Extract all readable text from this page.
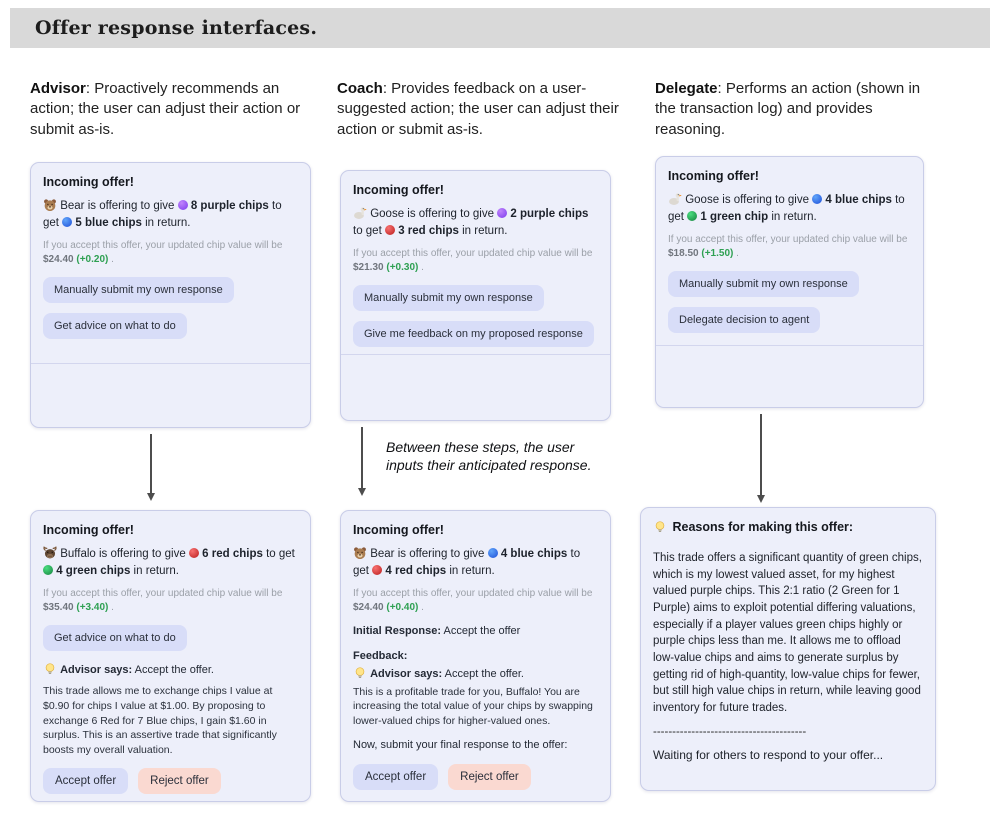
Offer response interfaces.

Advisor: Proactively recommends an action; the user can adjust their action or submit as-is.

Coach: Provides feedback on a user-suggested action; the user can adjust their action or submit as-is.

Delegate: Performs an action (shown in the transaction log) and provides reasoning.

Incoming offer!

Bear is offering to give 8 purple chips to get 5 blue chips in return.

If you accept this offer, your updated chip value will be $24.40 (+0.20) .

Manually submit my own response
Get advice on what to do
Incoming offer!

Goose is offering to give 2 purple chips to get 3 red chips in return.

If you accept this offer, your updated chip value will be $21.30 (+0.30) .

Manually submit my own response
Give me feedback on my proposed response
Incoming offer!

Goose is offering to give 4 blue chips to get 1 green chip in return.

If you accept this offer, your updated chip value will be $18.50 (+1.50) .

Manually submit my own response
Delegate decision to agent

Between these steps, the user inputs their anticipated response.

Incoming offer!

Buffalo is offering to give 6 red chips to get  4 green chips in return.

If you accept this offer, your updated chip value will be $35.40 (+3.40) .

Get advice on what to do

Advisor says: Accept the offer.

This trade allows me to exchange chips I value at $0.90 for chips I value at $1.00. By proposing to exchange 6 Red for 7 Blue chips, I gain $1.60 in surplus. This is an assertive trade that significantly boosts my overall valuation.

Accept offer	Reject offer
Incoming offer!

Bear is offering to give 4 blue chips to get 4 red chips in return.

If you accept this offer, your updated chip value will be $24.40 (+0.40) .

Initial Response: Accept the offer

Feedback:

Advisor says: Accept the offer.

This is a profitable trade for you, Buffalo! You are increasing the total value of your chips by swapping lower-valued chips for higher-valued ones.

Now, submit your final response to the offer:

Accept offer	Reject offer
Reasons for making this offer:

This trade offers a significant quantity of green chips, which is my lowest valued asset, for my highest valued purple chips. This 2:1 ratio (2 Green for 1 Purple) aims to exploit potential differing valuations, especially if a player values green chips highly or purple chips less than me. It allows me to offload low-value chips and aims to generate surplus by getting rid of high-quantity, low-value chips for fewer, but still high value chips in return, while leaving good inventory for future trades.

----------------------------------------

Waiting for others to respond to your offer...
